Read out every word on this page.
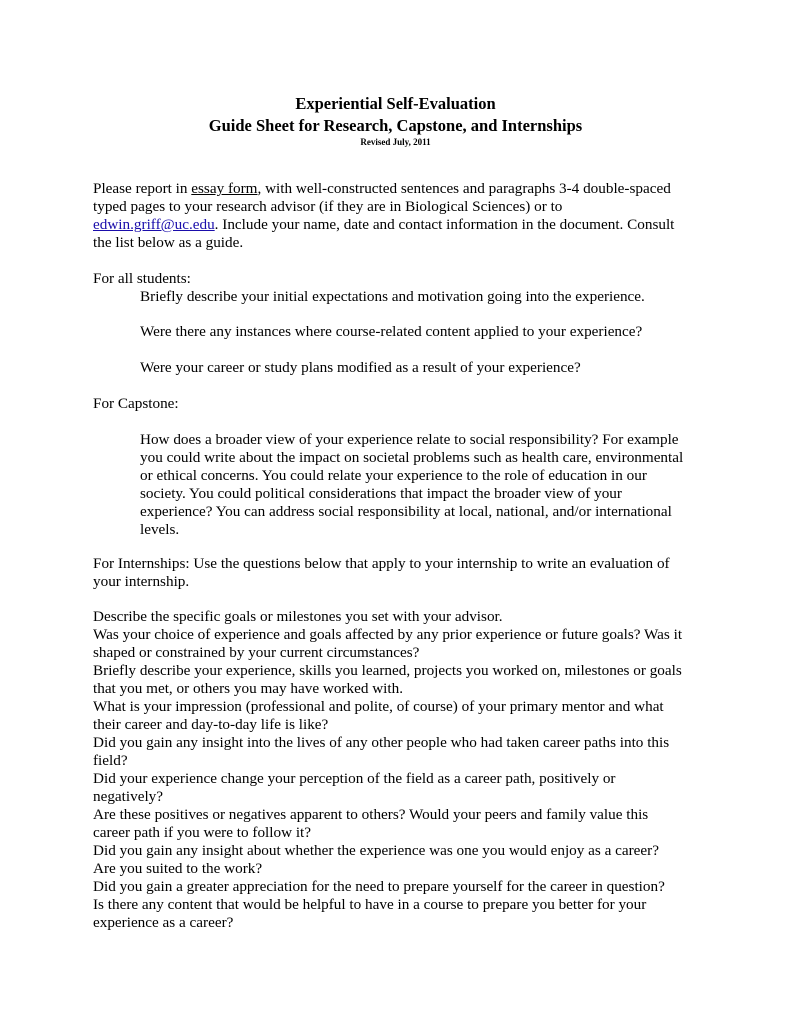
Experiential Self-Evaluation
Guide Sheet for Research, Capstone, and Internships
Revised July, 2011

Please report in essay form, with well-constructed sentences and paragraphs 3-4 double-spaced

typed pages to your research advisor (if they are in Biological Sciences) or to

edwin.griff@uc.edu. Include your name, date and contact information in the document. Consult

the list below as a guide.

For all students:

Briefly describe your initial expectations and motivation going into the experience.

Were there any instances where course-related content applied to your experience?
Were your career or study plans modified as a result of your experience?
For Capstone:

How does a broader view of your experience relate to social responsibility? For example

you could write about the impact on societal problems such as health care, environmental

or ethical concerns. You could relate your experience to the role of education in our

society. You could political considerations that impact the broader view of your

experience? You can address social responsibility at local, national, and/or international

levels.

For Internships: Use the questions below that apply to your internship to write an evaluation of

your internship.

Describe the specific goals or milestones you set with your advisor.

Was your choice of experience and goals affected by any prior experience or future goals? Was it

shaped or constrained by your current circumstances?

Briefly describe your experience, skills you learned, projects you worked on, milestones or goals

that you met, or others you may have worked with.

What is your impression (professional and polite, of course) of your primary mentor and what

their career and day-to-day life is like?

Did you gain any insight into the lives of any other people who had taken career paths into this

field?

Did your experience change your perception of the field as a career path, positively or

negatively?

Are these positives or negatives apparent to others? Would your peers and family value this

career path if you were to follow it?

Did you gain any insight about whether the experience was one you would enjoy as a career?

Are you suited to the work?

Did you gain a greater appreciation for the need to prepare yourself for the career in question?

Is there any content that would be helpful to have in a course to prepare you better for your

experience as a career?
